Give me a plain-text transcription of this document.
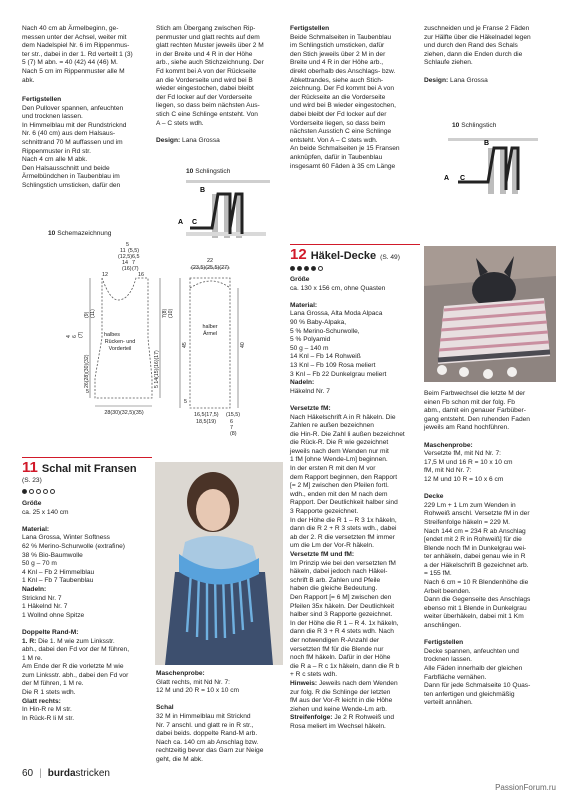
Nach 40 cm ab Ärmelbeginn, ge-

messen unter der Achsel, weiter mit

dem Nadelspiel Nr. 6 im Rippenmus-

ter str., dabei in der 1. Rd verteilt 1 (3)

5 (7) M abn. = 40 (42) 44 (46) M.

Nach 5 cm im Rippenmuster alle M

abk.

Fertigstellen

Den Pullover spannen, anfeuchten

und trocknen lassen.

In Himmelblau mit der Rundstricknd

Nr. 6 (40 cm) aus dem Halsaus-

schnittrand 70 M auffassen und im

Rippenmuster in Rd str.

Nach 4 cm alle M abk.

Den Halsausschnitt und beide

Ärmelbündchen in Taubenblau im

Schlingstich umsticken, dafür den

Stich am Übergang zwischen Rip-

penmuster und glatt rechts auf dem

glatt rechten Muster jeweils über 2 M

in der Breite und 4 R in der Höhe

arb., siehe auch Stichzeichnung. Der

Fd kommt bei A von der Rückseite

an die Vorderseite und wird bei B

wieder eingestochen, dabei bleibt

der Fd locker auf der Vorderseite

liegen, so dass beim nächsten Aus-

stich C eine Schlinge entsteht. Von

A – C stets wdh.

Design: Lana Grossa

10 Schlingstich
B
A C

Fertigstellen

Beide Schmalseiten in Taubenblau

im Schlingstich umsticken, dafür

den Stich jeweils über 2 M in der

Breite und 4 R in der Höhe arb.,

direkt oberhalb des Anschlags- bzw.

Abkettrandes, siehe auch Stich-

zeichnung. Der Fd kommt bei A von

der Rückseite an die Vorderseite

und wird bei B wieder eingestochen,

dabei bleibt der Fd locker auf der

Vorderseite liegen, so dass beim

nächsten Ausstich C eine Schlinge

entsteht. Von A – C stets wdh.

An beide Schmalseiten je 15 Fransen

anknüpfen, dafür in Taubenblau

insgesamt 60 Fäden à 35 cm Länge

zuschneiden und je Franse 2 Fäden

zur Hälfte über die Häkelnadel legen

und durch den Rand des Schals

ziehen, dann die Enden durch die

Schlaufe ziehen.

Design: Lana Grossa

10 Schlingstich
B
A C
10 Schemazeichnung
5
(5,5)
11
6,5
(12,5)
7
14
(7)
(16)
12	16
halbes
Rücken- und
Vorderteil
halber
Ärmel
28(30)(32,5)(35)
22
(23,5)(25,5)(27)
16,5(17,5) (15,5)
18,5(19)	6
7
(8)
5
5
4 6 (7)
(9) (11)	7(8) (10)
26(28)(30)(32)	5 14(15)(16)(17)
45	40
11 Schal mit Fransen
(S. 23)

Größe

ca. 25 x 140 cm

Material:

Lana Grossa, Winter Softness

62 % Merino-Schurwolle (extrafine)

38 % Bio-Baumwolle

50 g – 70 m

4 Knl – Fb 2 Himmelblau

1 Knl – Fb 7 Taubenblau

Nadeln:

Stricknd Nr. 7

1 Häkelnd Nr. 7

1 Wollnd ohne Spitze

Doppelte Rand-M:

1. R: Die 1. M wie zum Linksstr.

abh., dabei den Fd vor der M führen,

1 M re.

Am Ende der R die vorletzte M wie

zum Linksstr. abh., dabei den Fd vor

der M führen, 1 M re.

Die R 1 stets wdh.

Glatt rechts:

In Hin-R re M str.

In Rück-R li M str.

Maschenprobe:

Glatt rechts, mit Nd Nr. 7:

12 M und 20 R = 10 x 10 cm

Schal

32 M in Himmelblau mit Stricknd

Nr. 7 anschl. und glatt re in R str.,

dabei beids. doppelte Rand-M arb.

Nach ca. 140 cm ab Anschlag bzw.

rechtzeitig bevor das Garn zur Neige

geht, die M abk.

12 Häkel-Decke (S. 49)

Größe

ca. 130 x 156 cm, ohne Quasten

Material:

Lana Grossa, Alta Moda Alpaca

90 % Baby-Alpaka,

5 % Merino-Schurwolle,

5 % Polyamid

50 g – 140 m

14 Knl – Fb 14 Rohweiß

13 Knl – Fb 109 Rosa meliert

3 Knl – Fb 22 Dunkelgrau meliert

Nadeln:

Häkelnd Nr. 7

Versetzte fM:

Nach Häkelschrift A in R häkeln. Die

Zahlen re außen bezeichnen

die Hin-R. Die Zahl li außen bezeichnet

die Rück-R. Die R wie gezeichnet

jeweils nach dem Wenden nur mit

1 fM [ohne Wende-Lm] beginnen.

In der ersten R mit den M vor

dem Rapport beginnen, den Rapport

[= 2 M] zwischen den Pfeilen fortl.

wdh., enden mit den M nach dem

Rapport. Der Deutlichkeit halber sind

3 Rapporte gezeichnet.

In der Höhe die R 1 – R 3 1x häkeln,

dann die R 2 + R 3 stets wdh., dabei

ab der 2. R die versetzten fM immer

um die Lm der Vor-R häkeln.

Versetzte fM und fM:

Im Prinzip wie bei den versetzten fM

häkeln, dabei jedoch nach Häkel-

schrift B arb. Zahlen und Pfeile

haben die gleiche Bedeutung.

Den Rapport [= 6 M] zwischen den

Pfeilen 35x häkeln. Der Deutlichkeit

halber sind 3 Rapporte gezeichnet.

In der Höhe die R 1 – R 4. 1x häkeln,

dann die R 3 + R 4 stets wdh. Nach

der notwendigen R-Anzahl der

versetzten fM für die Blende nur

noch fM häkeln. Dafür in der Höhe

die R a – R c 1x häkeln, dann die R b

+ R c stets wdh.

Hinweis: Jeweils nach dem Wenden

zur folg. R die Schlinge der letzten

fM aus der Vor-R leicht in die Höhe

ziehen und keine Wende-Lm arb.

Streifenfolge: Je 2 R Rohweiß und

Rosa meliert im Wechsel häkeln.

Beim Farbwechsel die letzte M der

einen Fb schon mit der folg. Fb

abm., damit ein genauer Farbüber-

gang entsteht. Den ruhenden Faden

jeweils am Rand hochführen.

Maschenprobe:

Versetzte fM, mit Nd Nr. 7:

17,5 M und 16 R = 10 x 10 cm

fM, mit Nd Nr. 7:

12 M und 10 R = 10 x 6 cm

Decke

229 Lm + 1 Lm zum Wenden in

Rohweiß anschl. Versetzte fM in der

Streifenfolge häkeln = 229 M.

Nach 144 cm = 234 R ab Anschlag

[endet mit 2 R in Rohweiß] für die

Blende noch fM in Dunkelgrau wei-

ter anhäkeln, dabei genau wie in R

a der Häkelschrift B gezeichnet arb.

= 155 fM.

Nach 6 cm = 10 R Blendenhöhe die

Arbeit beenden.

Dann die Gegenseite des Anschlags

ebenso mit 1 Blende in Dunkelgrau

weiter überhäkeln, dabei mit 1 Km

anschlingen.

Fertigstellen

Decke spannen, anfeuchten und

trocknen lassen.

Alle Fäden innerhalb der gleichen

Farbfläche vernähen.

Dann für jede Schmalseite 10 Quas-

ten anfertigen und gleichmäßig

verteilt annähen.

60 | burdastricken
PassionForum.ru
